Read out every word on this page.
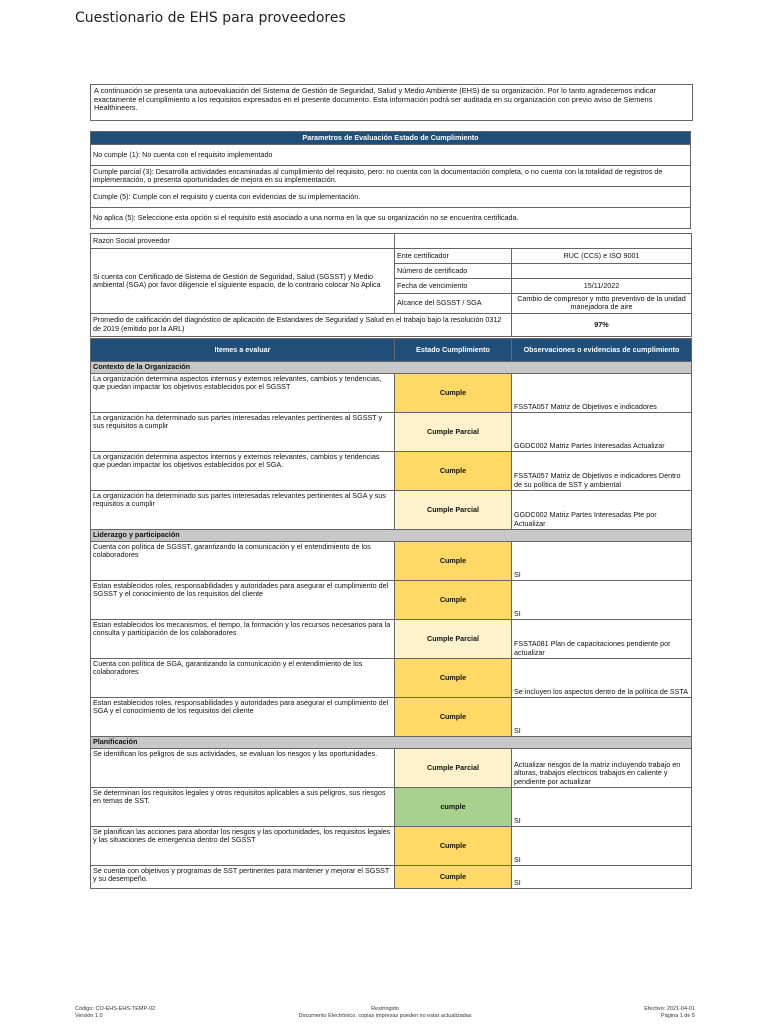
Cuestionario de EHS para proveedores
A continuación se presenta una autoevaluación del Sistema de Gestión de Seguridad, Salud y Medio Ambiente (EHS) de su organización. Por lo tanto agradecemos indicar exactamente el cumplimiento a los requisitos expresados en el presente documento. Esta información podrá ser auditada en su organización con previo aviso de Siemens Healthineers.
Parametros de Evaluación Estado de Cumplimiento
No cumple (1): No cuenta con el requisito implementado
Cumple parcial (3): Desarrolla actividades encaminadas al cumplimiento del requisito, pero: no cuenta con la documentación completa, o no cuenta con la totalidad de registros de implementación, o presenta oportunidades de mejora en su implementación.
Cumple (5): Cumple con el requisito y cuenta con evidencias de su implementación.
No aplica (5): Seleccione esta opción si el requisito está asociado a una norma en la que su organización no se encuentra certificada.
Razon Social proveedor		
Si cuenta con Certificado de Sistema de Gestión de Seguridad, Salud (SGSST) y Medio ambiental (SGA) por favor diligencie el siguiente espacio, de lo contrario colocar No Aplica	Ente certificador	RUC (CCS) e ISO 9001
	Número de certificado	
	Fecha de vencimiento	15/11/2022
	Alcance del SGSST / SGA	Cambio de compresor y mtto preventivo de la unidad manejadora de aire
Promedio de calificación del diagnóstico de aplicación de Estandares de Seguridad y Salud en el trabajo bajo la resolución 0312 de 2019 (emitido por la ARL)		97%
Itemes a evaluar	Estado Cumplimiento	Observaciones o evidencias de cumplimiento
Contexto de la Organización		
La organización determina aspectos internos y externos relevantes, cambios y tendencias, que puedan impactar los objetivos establecidos por el SGSST	Cumple	FSSTA057 Matriz de Objetivos e indicadores
La organización ha determinado sus partes interesadas relevantes pertinentes al SGSST y sus requisitos a cumplir	Cumple Parcial	GGDC002 Matriz Partes Interesadas Actualizar
La organización determina aspectos internos y externos relevantes, cambios y tendencias que puedan impactar los objetivos establecidos por el SGA.	Cumple	FSSTA057 Matriz de Objetivos e indicadores Dentro de su política de SST y ambiental
La organización ha determinado sus partes interesadas relevantes pertinentes al SGA y sus requisitos a cumplir	Cumple Parcial	GGDC002 Matriz Partes Interesadas Pte por Actualizar
Liderazgo y participación		
Cuenta con política de SGSST, garantizando la comunicación y el entendimiento de los colaboradores	Cumple	SI
Estan establecidos roles, responsabilidades y autoridades para asegurar el cumplimiento del SGSST y el conocimiento de los requisitos del cliente	Cumple	SI
Estan establecidos los mecanismos, el tiempo, la formación y los recursos necesarios para la consulta y participación de los colaboradores	Cumple Parcial	FSSTA081 Plan de capacitaciones pendiente por actualizar
Cuenta con política de SGA, garantizando la comunicación y el entendimiento de los colaboradores	Cumple	Se incluyen los aspectos dentro de la política de SSTA
Estan establecidos roles, responsabilidades y autoridades para asegurar el cumplimiento del SGA y el conocimiento de los requisitos del cliente	Cumple	SI
Planificación		
Se identifican los peligros de sus actividades, se evaluan los riesgos y las oportunidades.	Cumple Parcial	Actualizar riesgos de la matriz incluyendo trabajo en alturas, trabajos electricos trabajos en caliente y pendiente por actualizar
Se determinan los requisitos legales y otros requisitos aplicables a sus peligros, sus riesgos en temas de SST.	cumple	SI
Se planifican las acciones para abordar los riesgos y las oportunidades, los requisitos legales y las situaciones de emergencia dentro del SGSST	Cumple	SI
Se cuenta con objetivos y programas de SST pertinentes para mantener y mejorar el SGSST y su desempeño.	Cumple	SI
Código: CO-EHS-EHS-TEMP-02
Versión 1.0
Restringido
Documento Electrónico, copias impresas pueden no estar actualizadas
Efectivo: 2021-04-01
Página 1 de 5
